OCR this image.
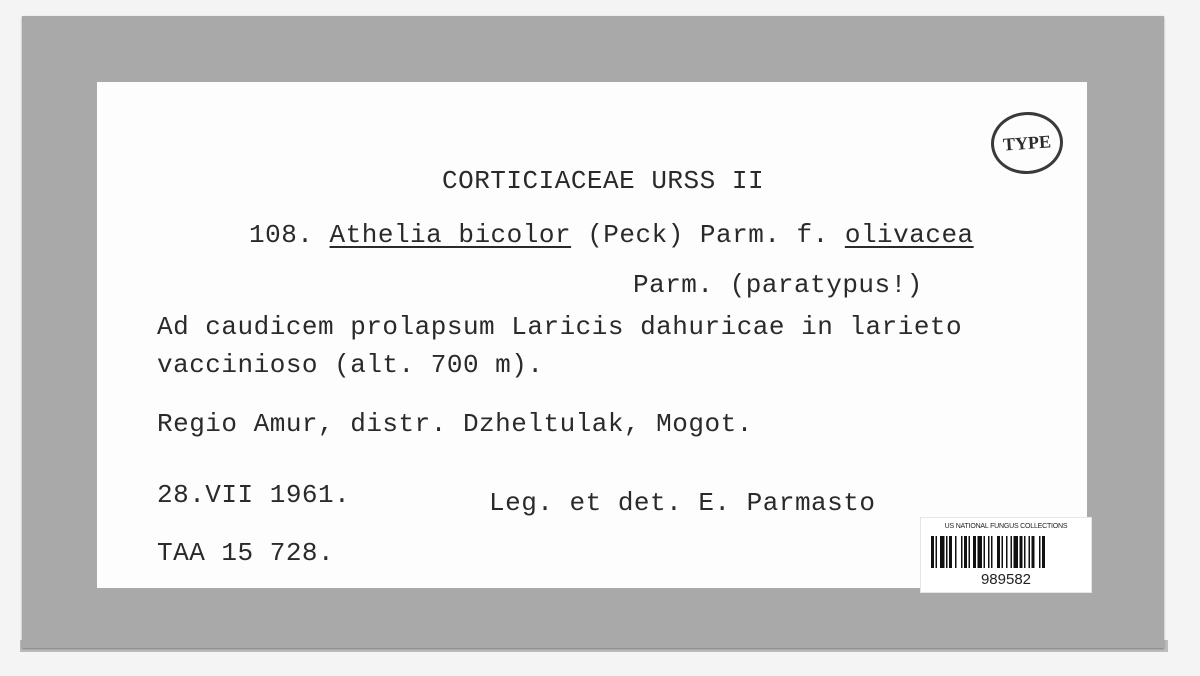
TYPE
CORTICIACEAE URSS II
108. Athelia bicolor (Peck) Parm. f. olivacea
Parm. (paratypus!)
Ad caudicem prolapsum Laricis dahuricae in larieto
vaccinioso (alt. 700 m).
Regio Amur, distr. Dzheltulak, Mogot.
28.VII 1961.	Leg. et det. E. Parmasto
TAA 15 728.
US NATIONAL FUNGUS COLLECTIONS
989582
